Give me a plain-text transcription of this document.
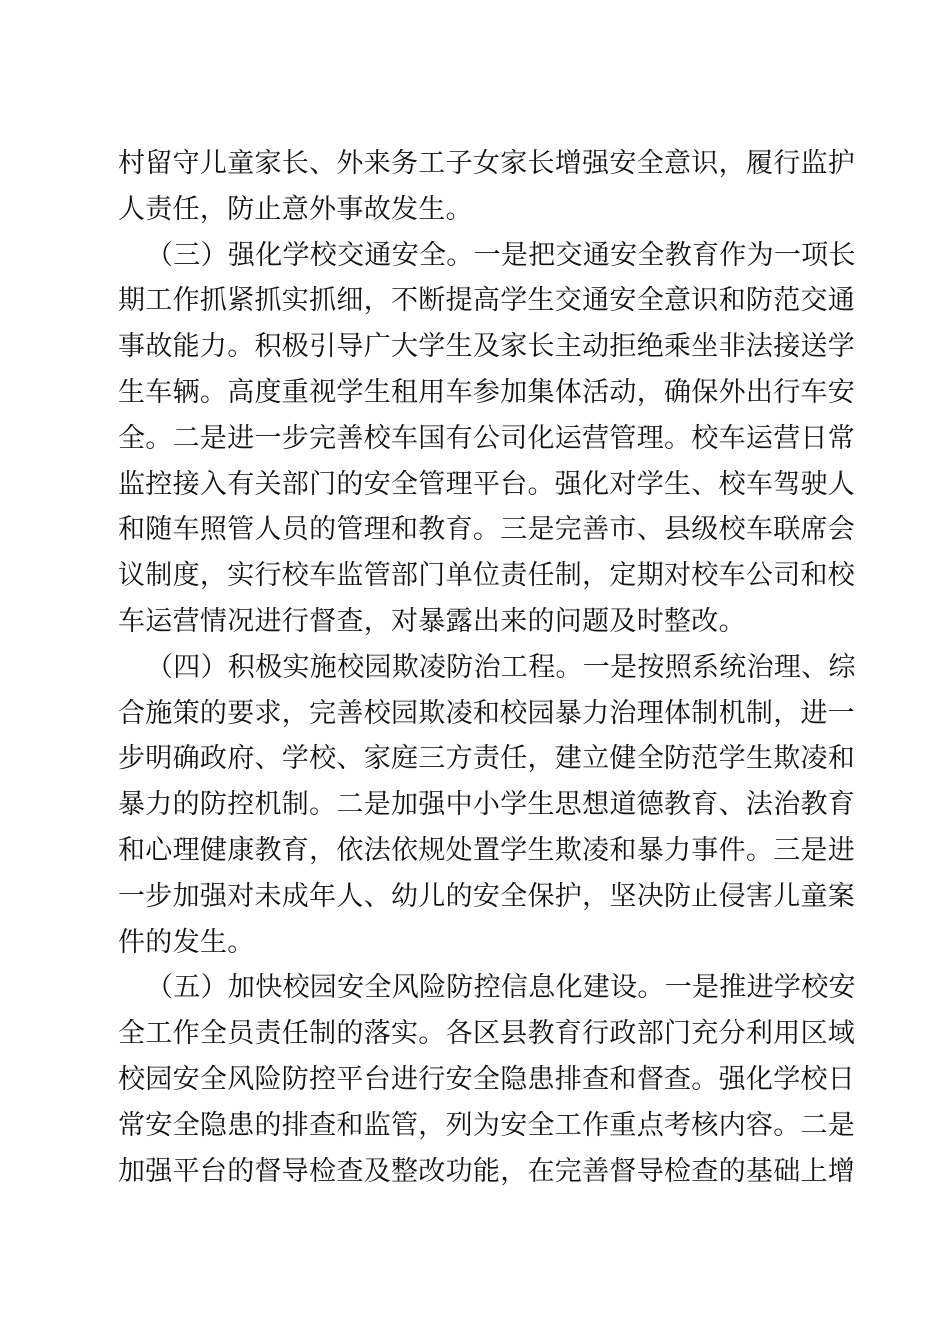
村留守儿童家长、外来务工子女家长增强安全意识，履行监护
人责任，防止意外事故发生。
（三）强化学校交通安全。一是把交通安全教育作为一项长
期工作抓紧抓实抓细，不断提高学生交通安全意识和防范交通
事故能力。积极引导广大学生及家长主动拒绝乘坐非法接送学
生车辆。高度重视学生租用车参加集体活动，确保外出行车安
全。二是进一步完善校车国有公司化运营管理。校车运营日常
监控接入有关部门的安全管理平台。强化对学生、校车驾驶人
和随车照管人员的管理和教育。三是完善市、县级校车联席会
议制度，实行校车监管部门单位责任制，定期对校车公司和校
车运营情况进行督查，对暴露出来的问题及时整改。
（四）积极实施校园欺凌防治工程。一是按照系统治理、综
合施策的要求，完善校园欺凌和校园暴力治理体制机制，进一
步明确政府、学校、家庭三方责任，建立健全防范学生欺凌和
暴力的防控机制。二是加强中小学生思想道德教育、法治教育
和心理健康教育，依法依规处置学生欺凌和暴力事件。三是进
一步加强对未成年人、幼儿的安全保护，坚决防止侵害儿童案
件的发生。
（五）加快校园安全风险防控信息化建设。一是推进学校安
全工作全员责任制的落实。各区县教育行政部门充分利用区域
校园安全风险防控平台进行安全隐患排查和督查。强化学校日
常安全隐患的排查和监管，列为安全工作重点考核内容。二是
加强平台的督导检查及整改功能，在完善督导检查的基础上增
